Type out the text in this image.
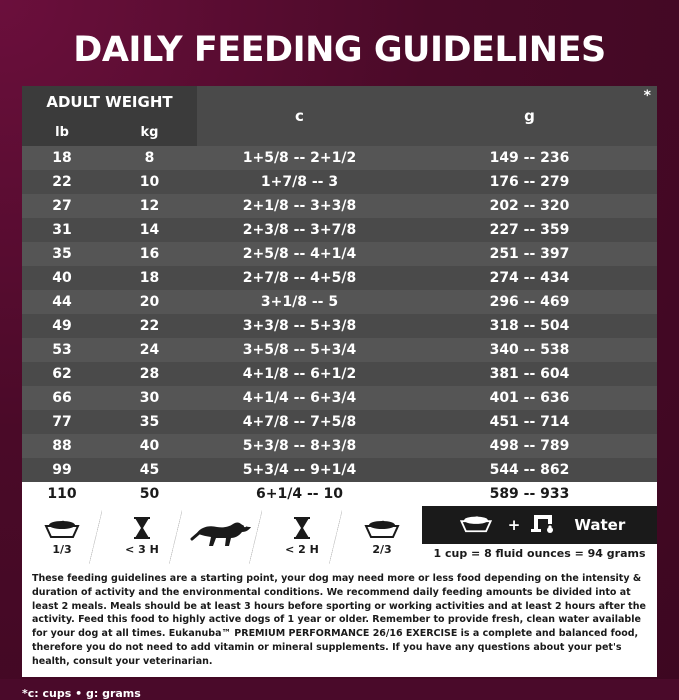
DAILY FEEDING GUIDELINES
ADULT WEIGHT		c	g
*

lb	kg		
18	8	1+5/8 -- 2+1/2	149 -- 236
22	10	1+7/8 -- 3	176 -- 279
27	12	2+1/8 -- 3+3/8	202 -- 320
31	14	2+3/8 -- 3+7/8	227 -- 359
35	16	2+5/8 -- 4+1/4	251 -- 397
40	18	2+7/8 -- 4+5/8	274 -- 434
44	20	3+1/8 -- 5	296 -- 469
49	22	3+3/8 -- 5+3/8	318 -- 504
53	24	3+5/8 -- 5+3/4	340 -- 538
62	28	4+1/8 -- 6+1/2	381 -- 604
66	30	4+1/4 -- 6+3/4	401 -- 636
77	35	4+7/8 -- 7+5/8	451 -- 714
88	40	5+3/8 -- 8+3/8	498 -- 789
99	45	5+3/4 -- 9+1/4	544 -- 862
110	50	6+1/4 -- 10	589 -- 933
1/3	< 3 H	< 2 H	2/3
+	Water
1 cup = 8 fluid ounces = 94 grams
These feeding guidelines are a starting point, your dog may need more or less food depending on the intensity & duration of activity and the environmental conditions. We recommend daily feeding amounts be divided into at least 2 meals. Meals should be at least 3 hours before sporting or working activities and at least 2 hours after the activity. Feed this food to highly active dogs of 1 year or older. Remember to provide fresh, clean water available for your dog at all times. Eukanuba™ PREMIUM PERFORMANCE 26/16 EXERCISE is a complete and balanced food, therefore you do not need to add vitamin or mineral supplements. If you have any questions about your pet's health, consult your veterinarian.
*c: cups • g: grams
